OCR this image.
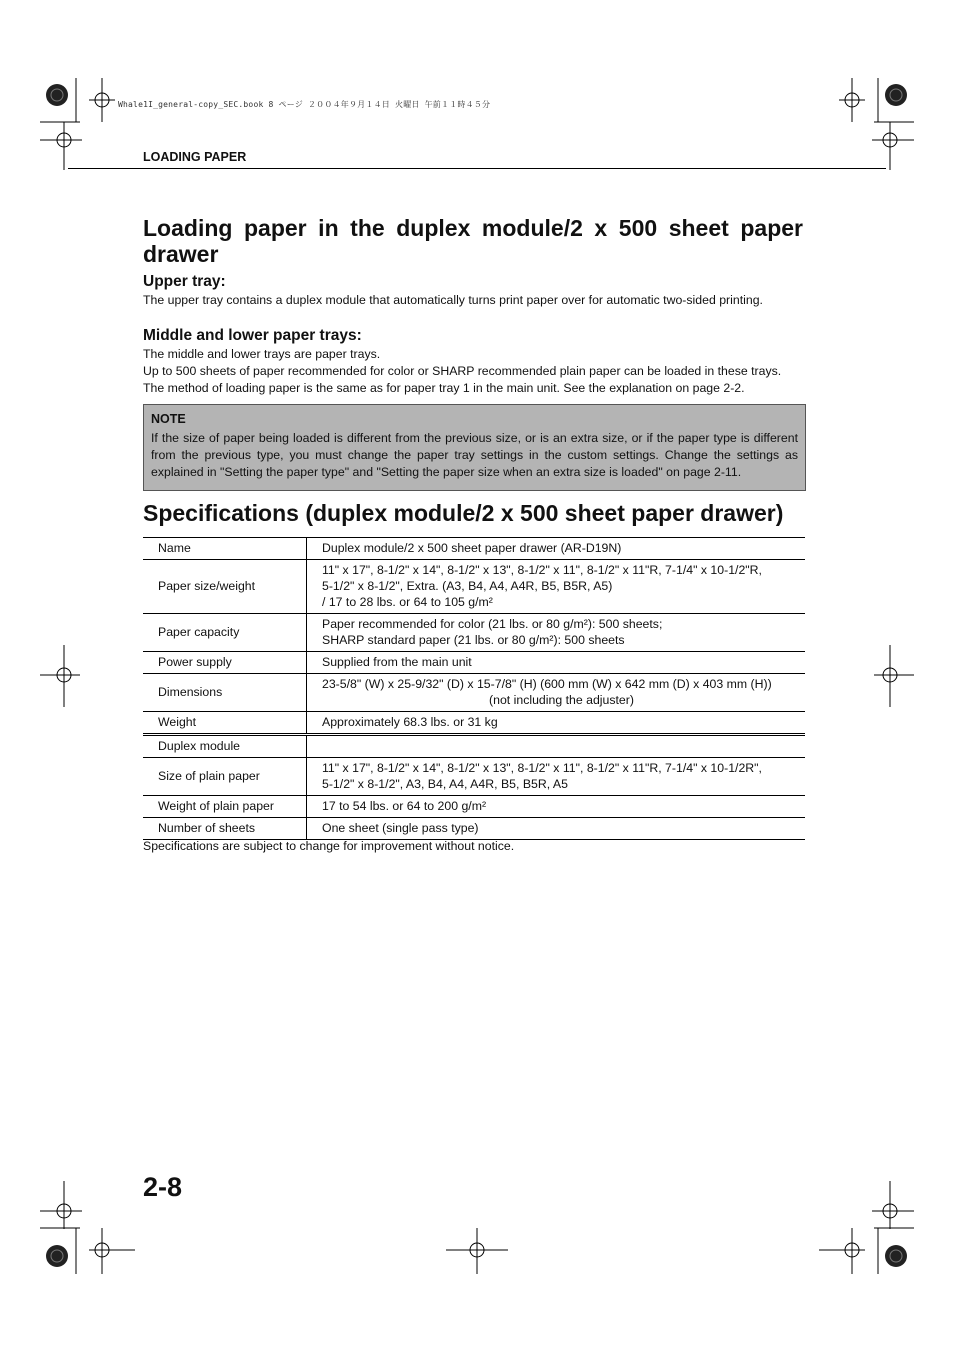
Whale1I_general-copy_SEC.book 8 ページ ２００４年９月１４日 火曜日 午前１１時４５分
LOADING PAPER
Loading paper in the duplex module/2 x 500 sheet paper drawer
Upper tray:
The upper tray contains a duplex module that automatically turns print paper over for automatic two-sided printing.
Middle and lower paper trays:
The middle and lower trays are paper trays.
Up to 500 sheets of paper recommended for color or SHARP recommended plain paper can be loaded in these trays.
The method of loading paper is the same as for paper tray 1 in the main unit. See the explanation on page 2-2.
NOTE
If the size of paper being loaded is different from the previous size, or is an extra size, or if the paper type is different from the previous type, you must change the paper tray settings in the custom settings. Change the settings as explained in "Setting the paper type" and "Setting the paper size when an extra size is loaded" on page 2-11.
Specifications (duplex module/2 x 500 sheet paper drawer)
Name	Duplex module/2 x 500 sheet paper drawer (AR-D19N)

Paper size/weight	11" x 17", 8-1/2" x 14", 8-1/2" x 13", 8-1/2" x 11", 8-1/2" x 11"R, 7-1/4" x 10-1/2"R,
5-1/2" x 8-1/2", Extra. (A3, B4, A4, A4R, B5, B5R, A5)
/ 17 to 28 lbs. or 64 to 105 g/m²

Paper capacity	Paper recommended for color (21 lbs. or 80 g/m²): 500 sheets;
SHARP standard paper (21 lbs. or 80 g/m²): 500 sheets

Power supply	Supplied from the main unit

Dimensions	23-5/8" (W) x 25-9/32" (D) x 15-7/8" (H) (600 mm (W) x 642 mm (D) x 403 mm (H))
(not including the adjuster)

Weight	Approximately 68.3 lbs. or 31 kg

Duplex module	

Size of plain paper	11" x 17", 8-1/2" x 14", 8-1/2" x 13", 8-1/2" x 11", 8-1/2" x 11"R, 7-1/4" x 10-1/2R",
5-1/2" x 8-1/2", A3, B4, A4, A4R, B5, B5R, A5

Weight of plain paper	17 to 54 lbs. or 64 to 200 g/m²

Number of sheets	One sheet (single pass type)
Specifications are subject to change for improvement without notice.
2-8
